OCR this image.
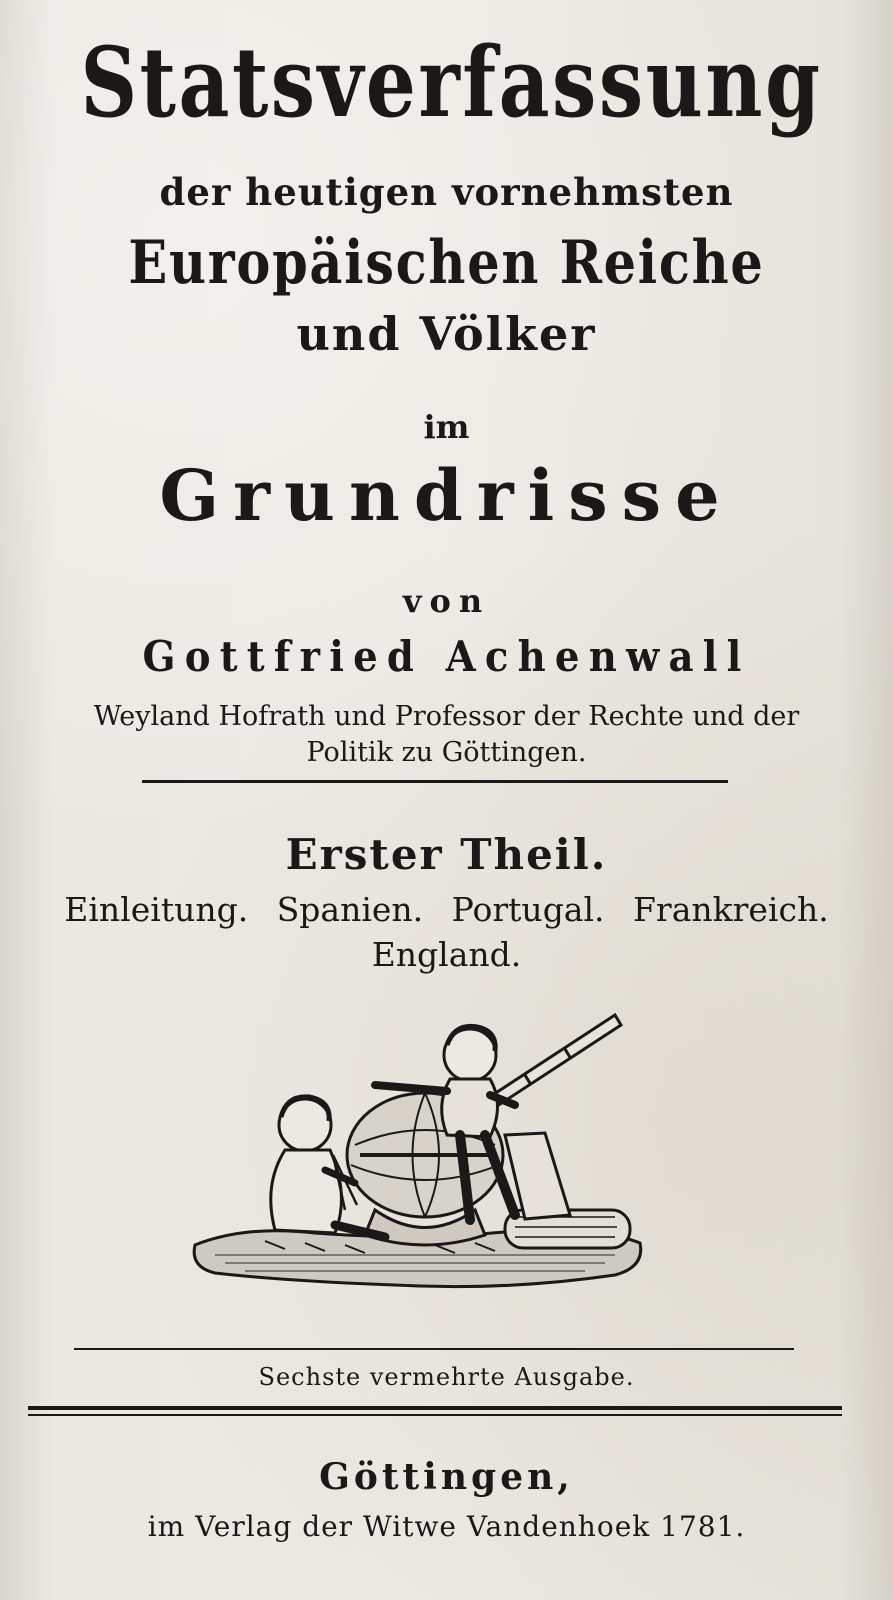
Statsverfassung
der heutigen vornehmsten
Europäischen Reiche
und Völker
im
Grundrisse
von
Gottfried Achenwall
Weyland Hofrath und Professor der Rechte und der
Politik zu Göttingen.
Erster Theil.
Einleitung. Spanien. Portugal. Frankreich.
England.
Sechste vermehrte Ausgabe.
Göttingen,
im Verlag der Witwe Vandenhoek 1781.
